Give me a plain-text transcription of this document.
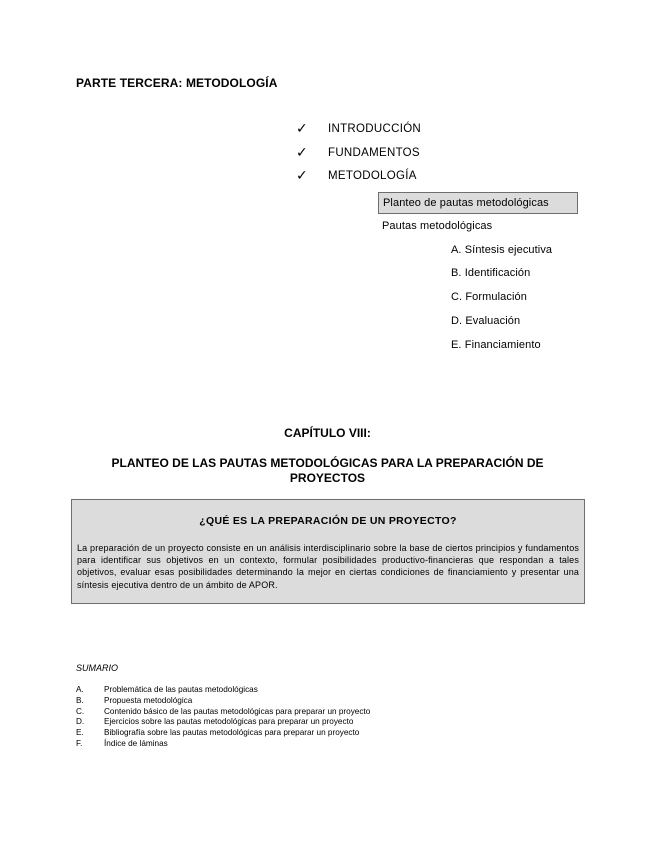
PARTE TERCERA: METODOLOGÍA
✓	INTRODUCCIÓN
✓	FUNDAMENTOS
✓	METODOLOGÍA
Planteo de pautas metodológicas
Pautas metodológicas
A. Síntesis ejecutiva
B. Identificación
C. Formulación
D. Evaluación
E. Financiamiento
CAPÍTULO VIII:
PLANTEO DE LAS PAUTAS METODOLÓGICAS PARA LA PREPARACIÓN DE PROYECTOS
¿QUÉ ES LA PREPARACIÓN DE UN PROYECTO?
La preparación de un proyecto consiste en un análisis interdisciplinario sobre la base de ciertos principios y fundamentos para identificar sus objetivos en un contexto, formular posibilidades productivo-financieras que respondan a tales objetivos, evaluar esas posibilidades determinando la mejor en ciertas condiciones de financiamiento y presentar una síntesis ejecutiva dentro de un ámbito de APOR.
SUMARIO
A.	Problemática de las pautas metodológicas
B.	Propuesta metodológica
C.	Contenido básico de las pautas metodológicas para preparar un proyecto
D.	Ejercicios sobre las pautas metodológicas para preparar un proyecto
E.	Bibliografía sobre las pautas metodológicas para preparar un proyecto
F.	Índice de láminas
